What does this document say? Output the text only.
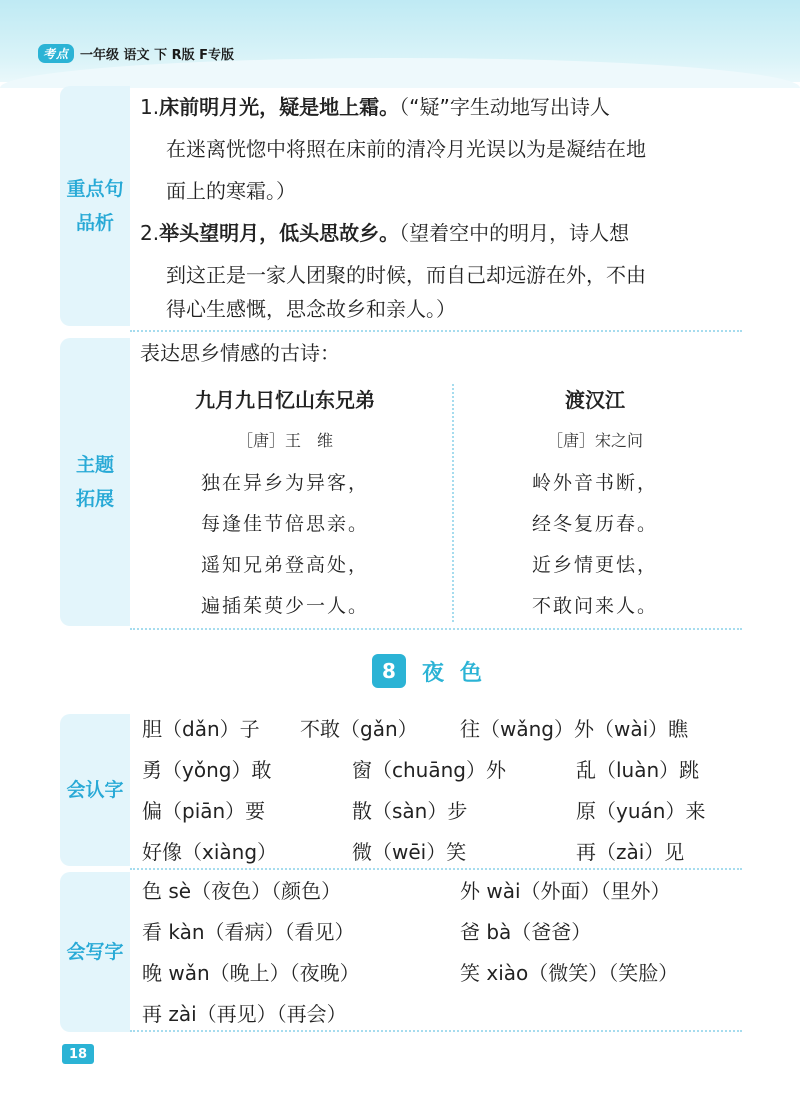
考点 一年级 语文 下 R版 F专版
重点句
品析
1.床前明月光，疑是地上霜。（“疑”字生动地写出诗人
在迷离恍惚中将照在床前的清冷月光误以为是凝结在地
面上的寒霜。）
2.举头望明月，低头思故乡。（望着空中的明月，诗人想
到这正是一家人团聚的时候，而自己却远游在外，不由
得心生感慨，思念故乡和亲人。）
主题
拓展
表达思乡情感的古诗：
九月九日忆山东兄弟
［唐］王　维
独在异乡为异客，
每逢佳节倍思亲。
遥知兄弟登高处，
遍插茱萸少一人。
渡汉江
［唐］宋之问
岭外音书断，
经冬复历春。
近乡情更怯，
不敢问来人。
8	夜色
会认字
胆（dǎn）子 不敢（gǎn） 往（wǎng）外（wài）瞧
勇（yǒng）敢	窗（chuāng）外	乱（luàn）跳
偏（piān）要	散（sàn）步	原（yuán）来
好像（xiàng）	微（wēi）笑	再（zài）见
会写字
色 sè（夜色）（颜色）	外 wài（外面）（里外）
看 kàn（看病）（看见）	爸 bà（爸爸）
晚 wǎn（晚上）（夜晚）	笑 xiào（微笑）（笑脸）
再 zài（再见）（再会）
18
